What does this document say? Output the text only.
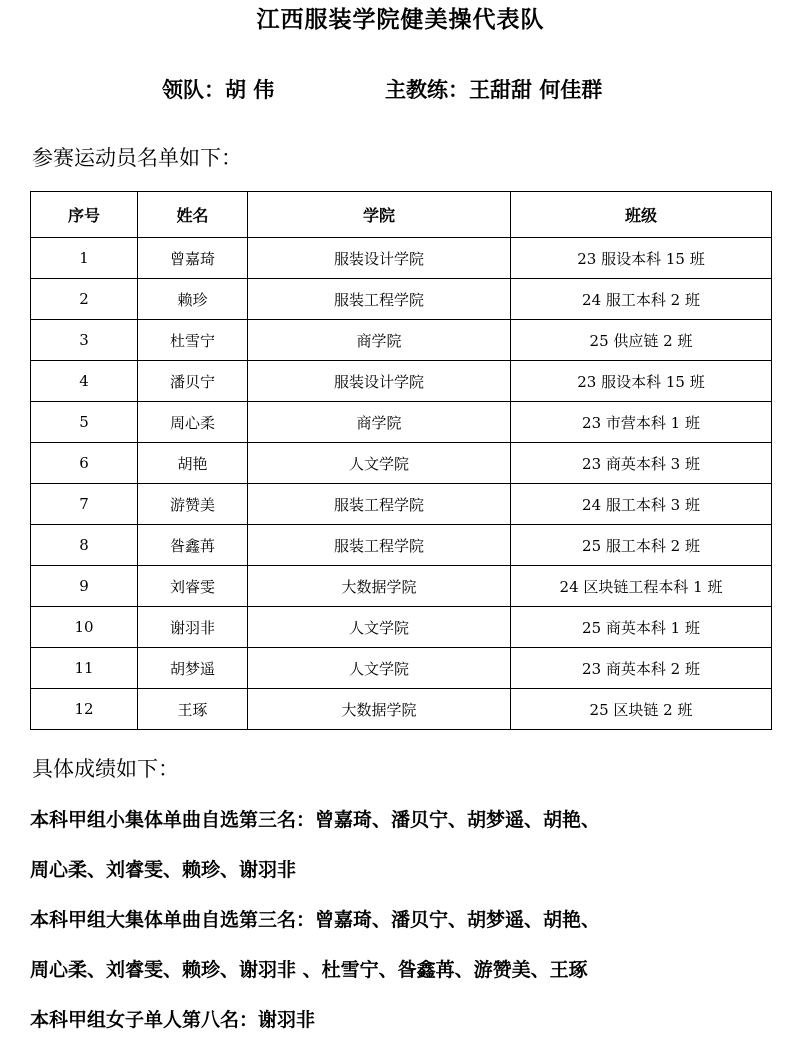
江西服装学院健美操代表队
领队：胡 伟	主教练：王甜甜 何佳群
参赛运动员名单如下：
序号	姓名	学院	班级
1	曾嘉琦	服装设计学院	23 服设本科 15 班
2	赖珍	服装工程学院	24 服工本科 2 班
3	杜雪宁	商学院	25 供应链 2 班
4	潘贝宁	服装设计学院	23 服设本科 15 班
5	周心柔	商学院	23 市营本科 1 班
6	胡艳	人文学院	23 商英本科 3 班
7	游赞美	服装工程学院	24 服工本科 3 班
8	昝鑫苒	服装工程学院	25 服工本科 2 班
9	刘睿雯	大数据学院	24 区块链工程本科 1 班
10	谢羽非	人文学院	25 商英本科 1 班
11	胡梦遥	人文学院	23 商英本科 2 班
12	王琢	大数据学院	25 区块链 2 班
具体成绩如下：
本科甲组小集体单曲自选第三名：曾嘉琦、潘贝宁、胡梦遥、胡艳、
周心柔、刘睿雯、赖珍、谢羽非
本科甲组大集体单曲自选第三名：曾嘉琦、潘贝宁、胡梦遥、胡艳、
周心柔、刘睿雯、赖珍、谢羽非 、杜雪宁、昝鑫苒、游赞美、王琢
本科甲组女子单人第八名：谢羽非
